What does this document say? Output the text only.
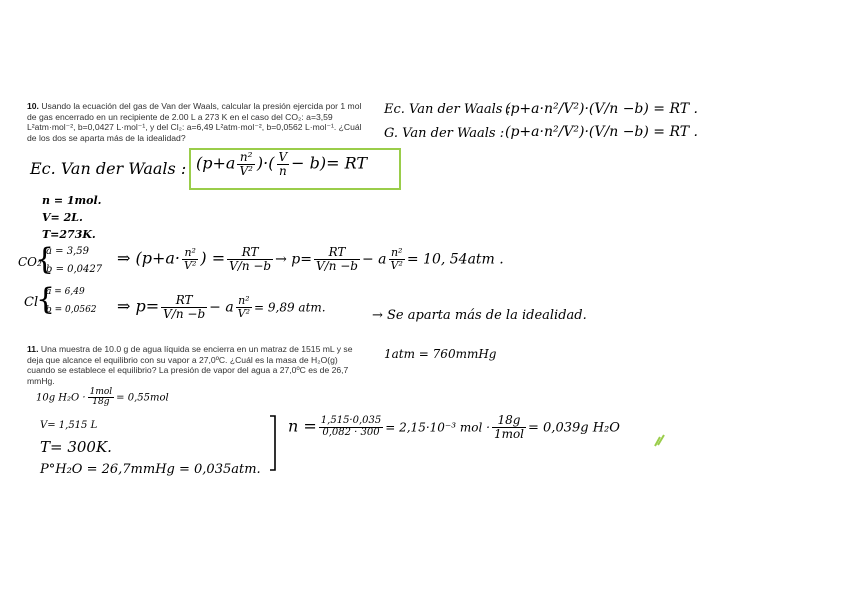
10. Usando la ecuación del gas de Van der Waals, calcular la presión ejercida por 1 mol de gas encerrado en un recipiente de 2.00 L a 273 K en el caso del CO₂: a=3,59 L²atm·mol⁻², b=0,0427 L·mol⁻¹, y del Cl₂: a=6,49 L²atm·mol⁻², b=0,0562 L·mol⁻¹. ¿Cuál de los dos se aparta más de la idealidad?
Ec. Van der Waals :
(p+a·n²/V²)·(V/n −b) = RT .
G. Van der Waals : (p+a·n²/V²)·(V/n −b) = RT .
Ec. Van der Waals : ($p+a \frac{\text{n²}}{\text{V²}}$ )·( $\frac{V}{n} - b)=$ RT
n = 1mol.
V= 2L.
T=273K.
CO₂
{
a = 3,59
b = 0,0427
⇒ ($p+a\cdot \frac{\text{n²}}{\text{V²}}$ ) = $\frac{RT}{V/n -b} \to p= \frac{RT}{V/n -b} - a \frac{\text{n²}}{\text{V²}} = 10$, 54atm .
Cl
{
a = 6,49
b = 0,0562 ⇒ $p= \frac{RT}{V/n -b} - a \frac{\text{n²}}{\text{V²}} = 9,89$ atm.
→ Se aparta más de la idealidad.
11. Una muestra de 10.0 g de agua líquida se encierra en un matraz de 1515 mL y se deja que alcance el equilibrio con su vapor a 27,0ºC. ¿Cuál es la masa de H₂O(g) cuando se establece el equilibrio? La presión de vapor del agua a 27,0ºC es de 26,7 mmHg.
1atm = 760mmHg
10g $H_2O \cdot \frac{\text{1mol}}{18g} = 0,55mol$
V= 1,515 L
T= 300K.
P°H₂O = 26,7mmHg = 0,035atm.
$n = \frac{1,515\cdot 0,035}{0,082 \cdot 300} = 2,15\cdot 10^{-3}$ mol · $\frac{18g}{\text{1mol}} = 0,039g$ H₂O
